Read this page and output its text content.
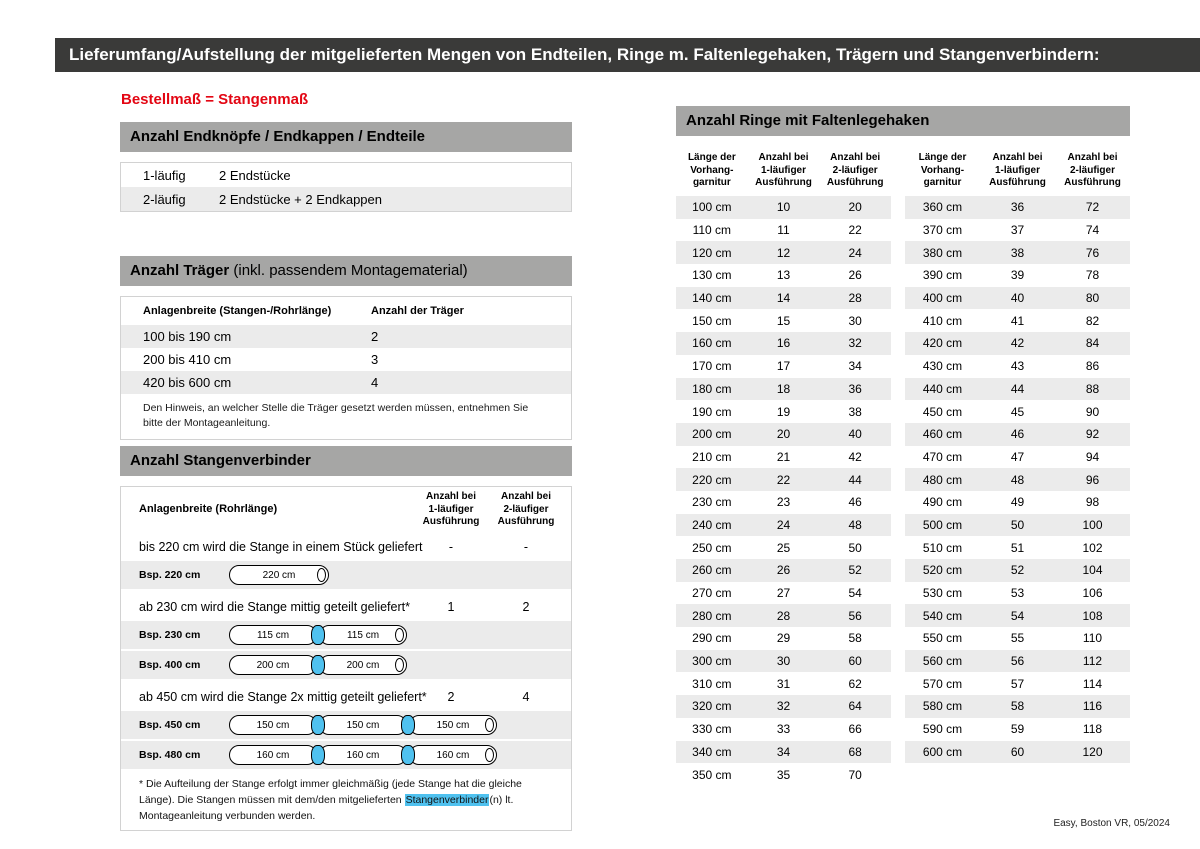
Lieferumfang/Aufstellung der mitgelieferten Mengen von Endteilen, Ringe m. Faltenlegehaken, Trägern und Stangenverbindern:
Bestellmaß = Stangenmaß
Anzahl Endknöpfe / Endkappen / Endteile
1-läufig	2 Endstücke
2-läufig	2 Endstücke + 2 Endkappen
Anzahl Träger (inkl. passendem Montagematerial)
Anlagenbreite (Stangen-/Rohrlänge)	Anzahl der Träger
100 bis 190 cm	2
200 bis 410 cm	3
420 bis 600 cm	4
Den Hinweis, an welcher Stelle die Träger gesetzt werden müssen, entnehmen Sie bitte der Montageanleitung.
Anzahl Stangenverbinder
Anlagenbreite (Rohrlänge)
Anzahl bei
1-läufiger
Ausführung
Anzahl bei
2-läufiger
Ausführung
bis 220 cm wird die Stange in einem Stück geliefert	-	-
Bsp. 220 cm	220 cm
ab 230 cm wird die Stange mittig geteilt geliefert*	1	2
Bsp. 230 cm	115 cm	115 cm
Bsp. 400 cm	200 cm	200 cm
ab 450 cm wird die Stange 2x mittig geteilt geliefert*	2	4
Bsp. 450 cm	150 cm	150 cm	150 cm
Bsp. 480 cm	160 cm	160 cm	160 cm
* Die Aufteilung der Stange erfolgt immer gleichmäßig (jede Stange hat die gleiche Länge). Die Stangen müssen mit dem/den mitgelieferten Stangenverbinder(n) lt. Montageanleitung verbunden werden.
Anzahl Ringe mit Faltenlegehaken
Länge der
Vorhang-
garnitur
Anzahl bei
1-läufiger
Ausführung
Anzahl bei
2-läufiger
Ausführung
100 cm	10	20
110 cm	11	22
120 cm	12	24
130 cm	13	26
140 cm	14	28
150 cm	15	30
160 cm	16	32
170 cm	17	34
180 cm	18	36
190 cm	19	38
200 cm	20	40
210 cm	21	42
220 cm	22	44
230 cm	23	46
240 cm	24	48
250 cm	25	50
260 cm	26	52
270 cm	27	54
280 cm	28	56
290 cm	29	58
300 cm	30	60
310 cm	31	62
320 cm	32	64
330 cm	33	66
340 cm	34	68
350 cm	35	70
Länge der
Vorhang-
garnitur
Anzahl bei
1-läufiger
Ausführung
Anzahl bei
2-läufiger
Ausführung
360 cm	36	72
370 cm	37	74
380 cm	38	76
390 cm	39	78
400 cm	40	80
410 cm	41	82
420 cm	42	84
430 cm	43	86
440 cm	44	88
450 cm	45	90
460 cm	46	92
470 cm	47	94
480 cm	48	96
490 cm	49	98
500 cm	50	100
510 cm	51	102
520 cm	52	104
530 cm	53	106
540 cm	54	108
550 cm	55	110
560 cm	56	112
570 cm	57	114
580 cm	58	116
590 cm	59	118
600 cm	60	120
Easy, Boston VR, 05/2024
